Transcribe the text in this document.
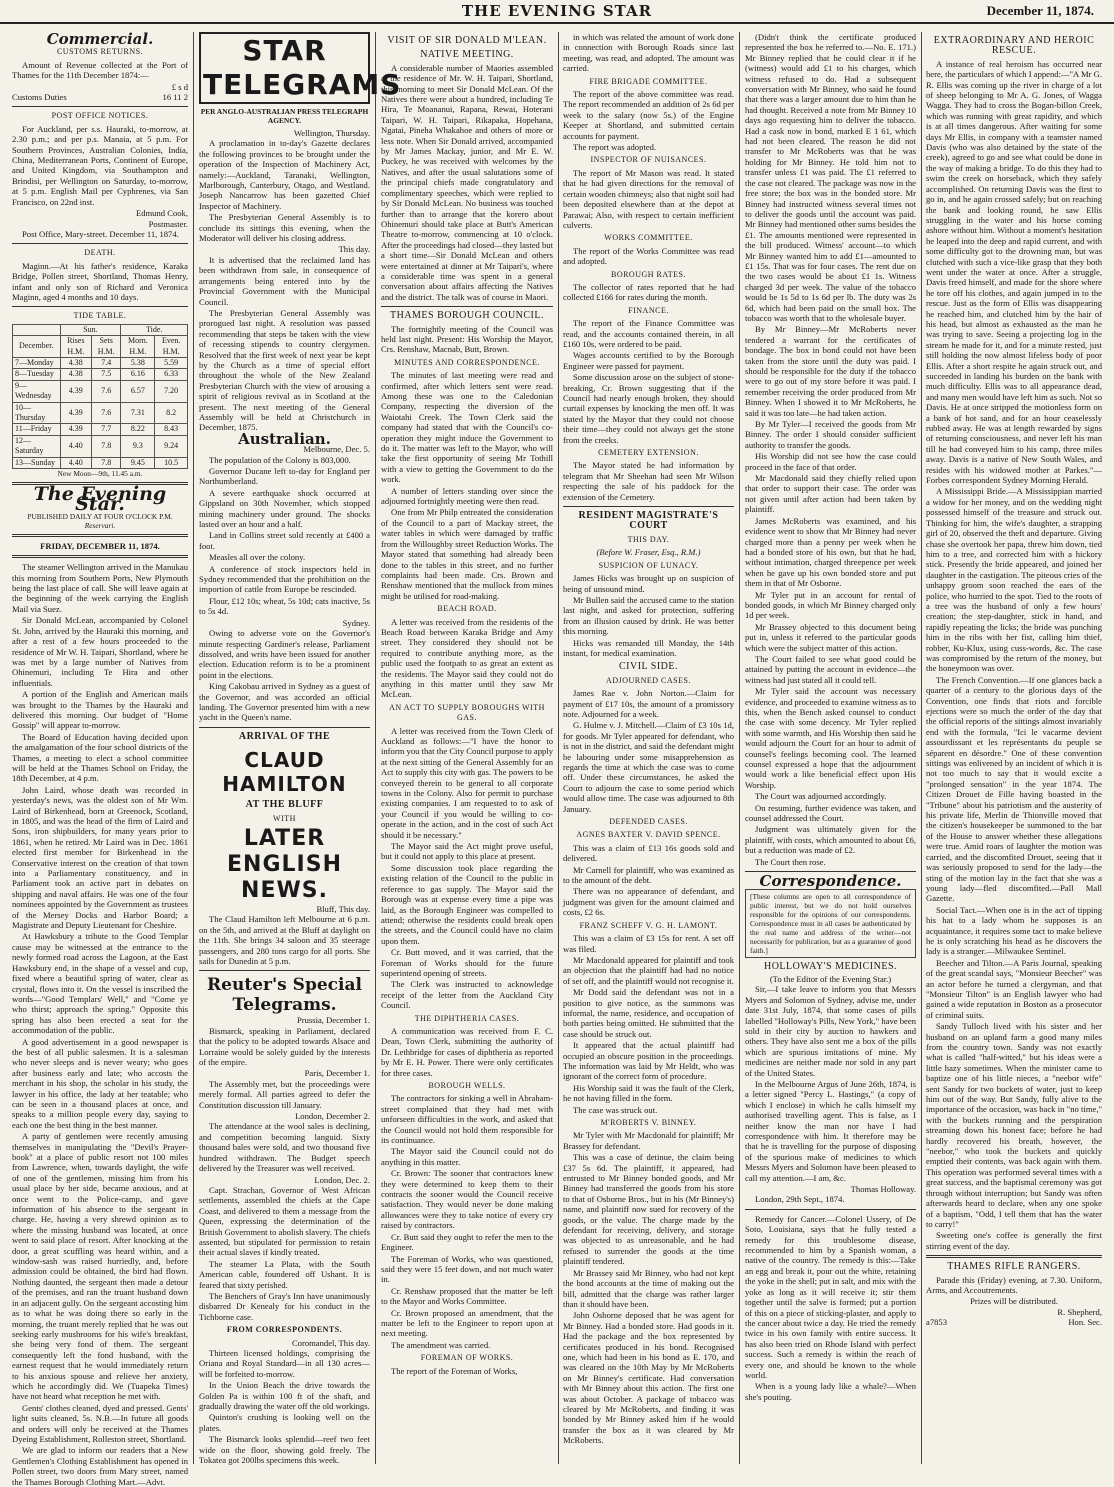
THE EVENING STAR	December 11, 1874.
Commercial.
CUSTOMS RETURNS.

Amount of Revenue collected at the Port of Thames for the 11th December 1874:—

£ s d
Customs Duties	16 11 2
POST OFFICE NOTICES.

For Auckland, per s.s. Hauraki, to-morrow, at 2.30 p.m.; and per p.s. Manaia, at 5 p.m. For Southern Provinces, Australian Colonies, India, China, Mediterranean Ports, Continent of Europe, and United Kingdom, via Southampton and Brindisi, per Wellington on Saturday, to-morrow, at 5 p.m. English Mail per Cyphrenes, via San Francisco, on 22nd inst.

Edmund Cook,
Postmaster.

Post Office, Mary-street. December 11, 1874.

DEATH.

Maginn.—At his father's residence, Karaka Bridge, Pollen street, Shortland, Thomas Henry, infant and only son of Richard and Veronica Maginn, aged 4 months and 10 days.

TIDE TABLE.
	Sun.		Tide.	
December.	Rises H.M.	Sets H.M.	Morn. H.M.	Even. H.M.
7—Monday	4.38	7.4	5.38	5.59
8—Tuesday	4.38	7.5	6.16	6.33
9—Wednesday	4.39	7.6	6.57	7.20
10—Thursday	4.39	7.6	7.31	8.2
11—Friday	4.39	7.7	8.22	8.43
12—Saturday	4.40	7.8	9.3	9.24
13—Sunday	4.40	7.8	9.45	10.5
New Moon—9th, 11.45 a.m.
The Evening Star.
PUBLISHED DAILY AT FOUR O'CLOCK P.M.
Reservari.
FRIDAY, DECEMBER 11, 1874.

The steamer Wellington arrived in the Manukau this morning from Southern Ports, New Plymouth being the last place of call. She will leave again at the beginning of the week carrying the English Mail via Suez.

Sir Donald McLean, accompanied by Colonel St. John, arrived by the Hauraki this morning, and after a rest of a few hours proceeded to the residence of Mr W. H. Taipari, Shortland, where he was met by a large number of Natives from Ohinemuri, including Te Hira and other influentials.

A portion of the English and American mails was brought to the Thames by the Hauraki and delivered this morning. Our budget of "Home Gossip" will appear to-morrow.

The Board of Education having decided upon the amalgamation of the four school districts of the Thames, a meeting to elect a school committee will be held at the Thames School on Friday, the 18th December, at 4 p.m.

John Laird, whose death was recorded in yesterday's news, was the oldest son of Mr Wm. Laird of Birkenhead, born at Greenock, Scotland, in 1805, and was the head of the firm of Laird and Sons, iron shipbuilders, for many years prior to 1861, when he retired. Mr Laird was in Dec. 1861 elected first member for Birkenhead in the Conservative interest on the creation of that town into a Parliamentary constituency, and in Parliament took an active part in debates on shipping and naval affairs. He was one of the four nominees appointed by the Government as trustees of the Mersey Docks and Harbor Board; a Magistrate and Deputy Lieutenant for Cheshire.

At Hawksbury a tribute to the Good Templar cause may be witnessed at the entrance to the newly formed road across the Lagoon, at the East Hawksbury end, in the shape of a vessel and cup, fixed where a beautiful spring of water, clear as crystal, flows into it. On the vessel is inscribed the words—"Good Templars' Well," and "Come ye who thirst; approach the spring." Opposite this spring has also been erected a seat for the accommodation of the public.

A good advertisement in a good newspaper is the best of all public salesmen. It is a salesman who never sleeps and is never weary; who goes after business early and late; who accosts the merchant in his shop, the scholar in his study, the lawyer in his office, the lady at her teatable; who can be seen in a thousand places at once, and speaks to a million people every day, saying to each one the best thing in the best manner.

A party of gentlemen were recently amusing themselves in manipulating the "Devil's Prayer-book" at a place of public resort not 100 miles from Lawrence, when, towards daylight, the wife of one of the gentlemen, missing him from his usual place by her side, became anxious, and at once went to the Police-camp, and gave information of his absence to the sergeant in charge. He, having a very shrewd opinion as to where the missing husband was located, at once went to said place of resort. After knocking at the door, a great scuffling was heard within, and a window-sash was raised hurriedly, and, before admission could be obtained, the bird had flown. Nothing daunted, the sergeant then made a detour of the premises, and ran the truant husband down in an adjacent gully. On the sergeant accosting him as to what he was doing there so early in the morning, the truant merely replied that he was out seeking early mushrooms for his wife's breakfast, she being very fond of them. The sergeant consequently left the fond husband, with the earnest request that he would immediately return to his anxious spouse and relieve her anxiety, which he accordingly did. We (Tuapeka Times) have not heard what reception he met with.

Gents' clothes cleaned, dyed and pressed. Gents' light suits cleaned, 5s. N.B.—In future all goods and orders will only be received at the Thames Dyeing Establishment, Rolleston street, Shortland.

We are glad to inform our readers that a New Gentlemen's Clothing Establishment has opened in Pollen street, two doors from Mary street, named the Thames Borough Clothing Mart.—Advt.

STAR TELEGRAMS
PER ANGLO-AUSTRALIAN PRESS TELEGRAPH AGENCY.
Wellington, Thursday.

A proclamation in to-day's Gazette declares the following provinces to be brought under the operation of the Inspection of Machinery Act, namely:—Auckland, Taranaki, Wellington, Marlborough, Canterbury, Otago, and Westland. Joseph Nancarrow has been gazetted Chief Inspector of Machinery.

The Presbyterian General Assembly is to conclude its sittings this evening, when the Moderator will deliver his closing address.

This day.

It is advertised that the reclaimed land has been withdrawn from sale, in consequence of arrangements being entered into by the Provincial Government with the Municipal Council.

The Presbyterian General Assembly was prorogued last night. A resolution was passed recommending that steps be taken with the view of recessing stipends to country clergymen. Resolved that the first week of next year be kept by the Church as a time of special effort throughout the whole of the New Zealand Presbyterian Church with the view of arousing a spirit of religious revival as in Scotland at the present. The next meeting of the General Assembly will be held at Christchurch in December, 1875.

Australian.
Melbourne, Dec. 5.

The population of the Colony is 803,000.

Governor Ducane left to-day for England per Northumberland.

A severe earthquake shock occurred at Gippsland on 30th November, which stopped mining machinery under ground. The shocks lasted over an hour and a half.

Land in Collins street sold recently at £400 a foot.

Measles all over the colony.

A conference of stock inspectors held in Sydney recommended that the prohibition on the importion of cattle from Europe be rescinded.

Flour, £12 10s; wheat, 5s 10d; cats inactive, 5s to 5s 4d.

Sydney.

Owing to adverse vote on the Governor's minute respecting Gardiner's release, Parliament dissolved, and writs have been issued for another election. Education reform is to be a prominent point in the elections.

King Cakobau arrived in Sydney as a guest of the Governor, and was accorded an official landing. The Governor presented him with a new yacht in the Queen's name.

ARRIVAL OF THE
CLAUD HAMILTON
AT THE BLUFF
WITH
LATER ENGLISH NEWS.
Bluff, This day.

The Claud Hamilton left Melbourne at 6 p.m. on the 5th, and arrived at the Bluff at daylight on the 11th. She brings 34 saloon and 35 steerage passengers, and 280 tons cargo for all ports. She sails for Dunedin at 5 p.m.

Reuter's Special Telegrams.
Prussia, December 1.

Bismarck, speaking in Parliament, declared that the policy to be adopted towards Alsace and Lorraine would be solely guided by the interests of the empire.

Paris, December 1.

The Assembly met, but the proceedings were merely formal. All parties agreed to defer the Constitution discussion till January.

London, December 2.

The attendance at the wool sales is declining, and competition becoming languid. Sixty thousand bales were sold, and two thousand five hundred withdrawn. The Budget speech delivered by the Treasurer was well received.

London, Dec. 2.

Capt. Strachan, Governor of West African settlements, assembled the chiefs at the Cape Coast, and delivered to them a message from the Queen, expressing the determination of the British Government to abolish slavery. The chiefs assented, but stipulated for permission to retain their actual slaves if kindly treated.

The steamer La Plata, with the South American cable, foundered off Ushant. It is feared that sixty perished.

The Benchers of Gray's Inn have unanimously disbarred Dr Kenealy for his conduct in the Tichborne case.

FROM CORRESPONDENTS.
Coromandel, This day.

Thirteen licensed holdings, comprising the Oriana and Royal Standard—in all 130 acres—will be forfeited to-morrow.

In the Union Beach the drive towards the Golden Pa is within 100 ft of the shaft, and gradually drawing the water off the old workings.

Quinton's crushing is looking well on the plates.

The Bismarck looks splendid—reef two feet wide on the floor, showing gold freely. The Tokatea got 200lbs specimens this week.

VISIT OF SIR DONALD M'LEAN.
NATIVE MEETING.

A considerable number of Maories assembled at the residence of Mr. W. H. Taipari, Shortland, this morning to meet Sir Donald McLean. Of the Natives there were about a hundred, including Te Hira, Te Moananui, Rapana, Rewai, Hoterani Taipari, W. H. Taipari, Rikapaka, Hopehana, Ngatai, Pineha Whakahoe and others of more or less note. When Sir Donald arrived, accompanied by Mr James Mackay, junior, and Mr E. W. Puckey, he was received with welcomes by the Natives, and after the usual salutations some of the principal chiefs made congratulatory and complimentary speeches, which were replied to by Sir Donald McLean. No business was touched further than to arrange that the korero about Ohinemuri should take place at Butt's American Theatre to-morrow, commencing at 10 o'clock. After the proceedings had closed—they lasted but a short time—Sir Donald McLean and others were entertained at dinner at Mr Taipari's, where a considerable time was spent in a general conversation about affairs affecting the Natives and the district. The talk was of course in Maori.

THAMES BOROUGH COUNCIL.

The fortnightly meeting of the Council was held last night. Present: His Worship the Mayor, Crs. Renshaw, Macnab, Butt, Brown.

MINUTES AND CORRESPONDENCE.

The minutes of last meeting were read and confirmed, after which letters sent were read. Among these was one to the Caledonian Company, respecting the diversion of the Waiotahi Creek. The Town Clerk said the company had stated that with the Council's co-operation they might induce the Government to do it. The matter was left to the Mayor, who will take the first opportunity of seeing Mr Tothill with a view to getting the Government to do the work.

A number of letters standing over since the adjourned fortnightly meeting were then read.

One from Mr Philp entreated the consideration of the Council to a part of Mackay street, the water tables in which were damaged by traffic from the Willoughby street Reduction Works. The Mayor stated that something had already been done to the tables in this street, and no further complaints had been made. Crs. Brown and Renshaw mentioned that the mullock from mines might be utilised for road-making.

BEACH ROAD.

A letter was received from the residents of the Beach Road between Karaka Bridge and Amy street. They considered they should not be required to contribute anything more, as the public used the footpath to as great an extent as the residents. The Mayor said they could not do anything in this matter until they saw Mr McLean.

AN ACT TO SUPPLY BOROUGHS WITH GAS.

A letter was received from the Town Clerk of Auckland as follows:—"I have the honor to inform you that the City Council purpose to apply at the next sitting of the General Assembly for an Act to supply this city with gas. The powers to be conveyed therein to be general to all corporate towns in the Colony. Also for permit to purchase existing companies. I am requested to to ask of your Council if you would be willing to co-operate in the action, and in the cost of such Act should it be necessary."

The Mayor said the Act might prove useful, but it could not apply to this place at present.

Some discussion took place regarding the existing relation of the Council to the public in reference to gas supply. The Mayor said the Borough was at expense every time a pipe was laid, as the Borough Engineer was compelled to attend; otherwise the residents could break open the streets, and the Council could have no claim upon them.

Cr. Butt moved, and it was carried, that the Foreman of Works should for the future superintend opening of streets.

The Clerk was instructed to acknowledge receipt of the letter from the Auckland City Council.

THE DIPHTHERIA CASES.

A communication was received from F. C. Dean, Town Clerk, submitting the authority of Dr. Lethbridge for cases of diphtheria as reported by Mr E. H. Power. There were only certificates for three cases.

BOROUGH WELLS.

The contractors for sinking a well in Abraham-street complained that they had met with unforseen difficulties in the work, and asked that the Council would not hold them responsible for its continuance.

The Mayor said the Council could not do anything in this matter.

Cr. Brown: The sooner that contractors knew they were determined to keep them to their contracts the sooner would the Council receive satisfaction. They would never be done making allowances were they to take notice of every cry raised by contractors.

Cr. Butt said they ought to refer the men to the Engineer.

The Foreman of Works, who was questioned, said they were 15 feet down, and not much water in.

Cr. Renshaw proposed that the matter be left to the Mayor and Works Committee.

Cr. Brown proposed an amendment, that the matter be left to the Engineer to report upon at next meeting.

The amendment was carried.

FOREMAN OF WORKS.

The report of the Foreman of Works,

in which was related the amount of work done in connection with Borough Roads since last meeting, was read, and adopted. The amount was carried.

FIRE BRIGADE COMMITTEE.

The report of the above committee was read. The report recommended an addition of 2s 6d per week to the salary (now 5s.) of the Engine Keeper at Shortland, and submitted certain accounts for payment.

The report was adopted.

INSPECTOR OF NUISANCES.

The report of Mr Mason was read. It stated that he had given directions for the removal of certain wooden chimneys; also that night soil had been deposited elsewhere than at the depot at Parawai; Also, with respect to certain inefficient culverts.

WORKS COMMITTEE.

The report of the Works Committee was read and adopted.

BOROUGH RATES.

The collector of rates reported that he had collected £166 for rates during the month.

FINANCE.

The report of the Finance Committee was read, and the accounts contained therein, in all £160 10s, were ordered to be paid.

Wages accounts certified to by the Borough Engineer were passed for payment.

Some discussion arose on the subject of stone-breaking, Cr. Brown suggesting that if the Council had nearly enough broken, they should curtail expenses by knocking the men off. It was stated by the Mayor that they could not choose their time—they could not always get the stone from the creeks.

CEMETERY EXTENSION.

The Mayor stated he had information by telegram that Mr Sheehan had seen Mr Wilson respecting the sale of his paddock for the extension of the Cemetery.

RESIDENT MAGISTRATE'S COURT
THIS DAY.
(Before W. Fraser, Esq., R.M.)
SUSPICION OF LUNACY.

James Hicks was brought up on suspicion of being of unsound mind.

Mr Bullen said the accused came to the station last night, and asked for protection, suffering from an illusion caused by drink. He was better this morning.

Hicks was remanded till Monday, the 14th instant, for medical examination.

CIVIL SIDE.
ADJOURNED CASES.

James Rae v. John Norton.—Claim for payment of £17 10s, the amount of a promissory note. Adjourned for a week.

G. Hulme v. J. Mitchell.—Claim of £3 10s 1d, for goods. Mr Tyler appeared for defendant, who is not in the district, and said the defendant might be labouring under some misapprehension as regards the time at which the case was to come off. Under these circumstances, he asked the Court to adjourn the case to some period which would allow time. The case was adjourned to 8th January.

DEFENDED CASES.
AGNES BAXTER V. DAVID SPENCE.

This was a claim of £13 16s goods sold and delivered.

Mr Carnell for plaintiff, who was examined as to the amount of the debt.

There was no appearance of defendant, and judgment was given for the amount claimed and costs, £2 6s.

FRANZ SCHEFF V. G. H. LAMONT.

This was a claim of £3 15s for rent. A set off was filed.

Mr Macdonald appeared for plaintiff and took an objection that the plaintiff had had no notice of set off, and the plaintiff would not recognise it.

Mr Dodd said the defendant was not in a position to give notice, as the summons was informal, the name, residence, and occupation of both parties being omitted. He submitted that the case should be struck out.

It appeared that the actual plaintiff had occupied an obscure position in the proceedings. The information was laid by Mr Heldt, who was ignorant of the correct form of procedure.

His Worship said it was the fault of the Clerk, he not having filled in the form.

The case was struck out.

M'ROBERTS V. BINNEY.

Mr Tyler with Mr Macdonald for plaintiff; Mr Brassey for defendant.

This was a case of detinue, the claim being £37 5s 6d. The plaintiff, it appeared, had entrusted to Mr Binney bonded goods, and Mr Binney had transferred the goods from his store to that of Osborne Bros., but in his (Mr Binney's) name, and plaintiff now sued for recovery of the goods, or the value. The charge made by the defendant for receiving, delivery, and storage was objected to as unreasonable, and he had refused to surrender the goods at the time plaintiff tendered.

Mr Brassey said Mr Binney, who had not kept the bond accounts at the time of making out the bill, admitted that the charge was rather larger than it should have been.

John Osborne deposed that he was agent for Mr Binney. Had a bonded store. Had goods in it. Had the package and the box represented by certificates produced in his bond. Recognised one, which had been in his bond as E. 170, and was cleared on the 10th May by Mr McRoberts on Mr Binney's certificate. Had conversation with Mr Binney about this action. The first one was about October. A package of tobacco was cleared by Mr McRoberts, and finding it was bonded by Mr Binney asked him if he would transfer the box as it was cleared by Mr McRoberts.

(Didn't think the certificate produced represented the box he referred to.—No. E. 171.) Mr Binney replied that he could clear it if he (witness) would add £1 to his charges, which witness refused to do. Had a subsequent conversation with Mr Binney, who said he found that there was a larger amount due to him than he had thought. Received a note from Mr Binney 10 days ago requesting him to deliver the tobacco. Had a cask now in bond, marked E 1 61, which had not been cleared. The reason he did not transfer to Mr McRoberts was that he was holding for Mr Binney. He told him not to transfer unless £1 was paid. The £1 referred to the case not cleared. The package was now in the free store; the box was in the bonded store. Mr Binney had instructed witness several times not to deliver the goods until the account was paid. Mr Binney had mentioned other sums besides the £1. The amounts mentioned were represented in the bill produced. Witness' account—to which Mr Binney wanted him to add £1—amounted to £1 15s. That was for four cases. The rent due on the two cases would be about £1 1s. Witness charged 3d per week. The value of the tobacco would be 1s 5d to 1s 6d per lb. The duty was 2s 6d, which had been paid on the small box. The tobacco was worth that to the wholesale buyer.

By Mr Binney—Mr McRoberts never tendered a warrant for the certificates of bondage. The box in bond could not have been taken from the store until the duty was paid. I should be responsible for the duty if the tobacco were to go out of my store before it was paid. I remember receiving the order produced from Mr Binney. When I showed it to Mr McRoberts, he said it was too late—he had taken action.

By Mr Tyler—I received the goods from Mr Binney. The order I should consider sufficient authority to transfer the goods.

His Worship did not see how the case could proceed in the face of that order.

Mr Macdonald said they chiefly relied upon that order to support their case. The order was not given until after action had been taken by plaintiff.

James McRoberts was examined, and his evidence went to show that Mr Binney had never charged more than a penny per week when he had a bonded store of his own, but that he had, without intimation, charged threepence per week when he gave up his own bonded store and put them in that of Mr Osborne.

Mr Tyler put in an account for rental of bonded goods, in which Mr Binney charged only 1d per week.

Mr Brassey objected to this document being put in, unless it referred to the particular goods which were the subject matter of this action.

The Court failed to see what good could be attained by putting the account in evidence—the witness had just stated all it could tell.

Mr Tyler said the account was necessary evidence, and proceeded to examine witness as to this, when the Bench asked counsel to conduct the case with some decency. Mr Tyler replied with some warmth, and His Worship then said he would adjourn the Court for an hour to admit of counsel's feelings becoming cool. The learned counsel expressed a hope that the adjournment would work a like beneficial effect upon His Worship.

The Court was adjourned accordingly.

On resuming, further evidence was taken, and counsel addressed the Court.

Judgment was ultimately given for the plaintiff, with costs, which amounted to about £6, but a reduction was made of £2.

The Court then rose.

Correspondence.
[These columns are open to all correspondence of public interest, but we do not hold ourselves responsible for the opinions of our correspondents. Correspondence must in all cases be authenticated by the real name and address of the writer—not necessarily for publication, but as a guarantee of good faith.]
HOLLOWAY'S MEDICINES.
(To the Editor of the Evening Star.)

Sir,—I take leave to inform you that Messrs Myers and Solomon of Sydney, advise me, under date 31st July, 1874, that some cases of pills labelled "Holloway's Pills, New York," have been sold in their city by auction to hawkers and others. They have also sent me a box of the pills which are spurious imitations of mine. My medicines are neither made nor sold in any part of the United States.

In the Melbourne Argus of June 26th, 1874, is a letter signed "Percy L. Hastings," (a copy of which I enclose) in which he calls himself my authorised travelling agent. This is false, as I neither know the man nor have I had correspondence with him. It therefore may be that he is travelling for the purpose of disposing of the spurious make of medicines to which Messrs Myers and Solomon have been pleased to call my attention.—I am, &c.

Thomas Holloway.

London, 29th Sept., 1874.

Remedy for Cancer.—Colonel Ussery, of De Soto, Louisiana, says that he fully tested a remedy for this troublesome disease, recommended to him by a Spanish woman, a native of the country. The remedy is this:—Take an egg and break it, pour out the white, retaining the yoke in the shell; put in salt, and mix with the yoke as long as it will receive it; stir them together until the salve is formed; put a portion of this on a piece of sticking-plaster, and apply to the cancer about twice a day. He tried the remedy twice in his own family with entire success. It has also been tried on Rhode Island with perfect success. Such a remedy is within the reach of every one, and should be known to the whole world.

When is a young lady like a whale?—When she's pouting.

EXTRAORDINARY AND HEROIC RESCUE.

A instance of real heroism has occurred near here, the particulars of which I append:—"A Mr G. R. Ellis was coming up the river in charge of a lot of sheep belonging to Mr A. G. Jones, of Wagga Wagga. They had to cross the Bogan-billon Creek, which was running with great rapidity, and which is at all times dangerous. After waiting for some days Mr Ellis, in company with a teamster named Davis (who was also detained by the state of the creek), agreed to go and see what could be done in the way of making a bridge. To do this they had to swim the creek on horseback, which they safely accomplished. On returning Davis was the first to go in, and he again crossed safely; but on reaching the bank and looking round, he saw Ellis struggling in the water and his horse coming ashore without him. Without a moment's hesitation he leaped into the deep and rapid current, and with some difficulty got to the drowning man, but was clutched with such a vice-like grasp that they both went under the water at once. After a struggle, Davis freed himself, and made for the shore where he tore off his clothes, and again jumped in to the rescue. Just as the form of Ellis was disappearing he reached him, and clutched him by the hair of his head, but almost as exhausted as the man he was trying to save. Seeing a projecting log in the stream he made for it, and for a minute rested, just still holding the now almost lifeless body of poor Ellis. After a short respite he again struck out, and succeeded in landing his burden on the bank with much difficulty. Ellis was to all appearance dead, and many men would have left him as such. Not so Davis. He at once stripped the motionless form on a bank of hot sand, and for an hour ceaselessly rubbed away. He was at length rewarded by signs of returning consciousness, and never left his man till he had conveyed him to his camp, three miles away. Davis is a native of New South Wales, and resides with his widowed mother at Parkes."—Forbes correspondent Sydney Morning Herald.

A Mississippi Bride.—A Mississippian married a widow for her money, and on the wedding night possessed himself of the treasure and struck out. Thinking for him, the wife's daughter, a strapping girl of 20, observed the theft and departure. Giving chase she overtook her papa, threw him down, tied him to a tree, and corrected him with a hickory stick. Presently the bride appeared, and joined her daughter in the castigation. The piteous cries of the unhappy groom soon reached the ears of the police, who hurried to the spot. Tied to the roots of a tree was the husband of only a few hours' creation; the step-daughter, stick in hand, and rapidly repeating the licks; the bride was punching him in the ribs with her fist, calling him thief, robber, Ku-Klux, using cuss-words, &c. The case was compromised by the return of the money, but the honeymoon was over.

The French Convention.—If one glances back a quarter of a century to the glorious days of the Convention, one finds that riots and forcible ejections were so much the order of the day that the official reports of the sittings almost invariably end with the formula, "Ici le vacarme devient assourdissant et les représentants du peuple se séparent en désordre." One of these convention sittings was enlivened by an incident of which it is not too much to say that it would excite a "prolonged sensation" in the year 1874. The Citizen Drouet de Fille having boasted in the "Tribune" about his patriotism and the austerity of his private life, Merlin de Thionville moved that the citizen's housekeeper be summoned to the bar of the House to answer whether these allegations were true. Amid roars of laughter the motion was carried, and the discomfited Drouet, seeing that it was seriously proposed to send for the lady—the sting of the motion lay in the fact that she was a young lady—fled discomfited.—Pall Mall Gazette.

Social Tact.—When one is in the act of tipping his hat to a lady whom he supposes is an acquaintance, it requires some tact to make believe he is only scratching his head as he discovers the lady is a stranger.—Milwaukee Sentinel.

Beecher and Tilton.—A Paris Journal, speaking of the great scandal says, "Monsieur Beecher" was an actor before he turned a clergyman, and that "Monsieur Tilton" is an English lawyer who had gained a wide reputation in Boston as a prosecutor of criminal suits.

Sandy Tulloch lived with his sister and her husband on an upland farm a good many miles from the country town. Sandy was not exactly what is called "half-witted," but his ideas were a little hazy sometimes. When the minister came to baptize one of his little nieces, a "neebor wife" sent Sandy for two buckets of water, just to keep him out of the way. But Sandy, fully alive to the importance of the occasion, was back in "no time," with the buckets running and the perspiration streaming down his honest face; before he had hardly recovered his breath, however, the "neebor," who took the buckets and quickly emptied their contents, was back again with them. This operation was performed several times with a great success, and the baptismal ceremony was got through without interruption; but Sandy was often afterwards heard to declare, when any one spoke of a baptism, "Odd, I tell them that has the water to carry!"

Sweeting one's coffee is generally the first stirring event of the day.

THAMES RIFLE RANGERS.

Parade this (Friday) evening, at 7.30. Uniform, Arms, and Accoutrements.

Prizes will be distributed.
R. Shepherd,
a7853	Hon. Sec.
